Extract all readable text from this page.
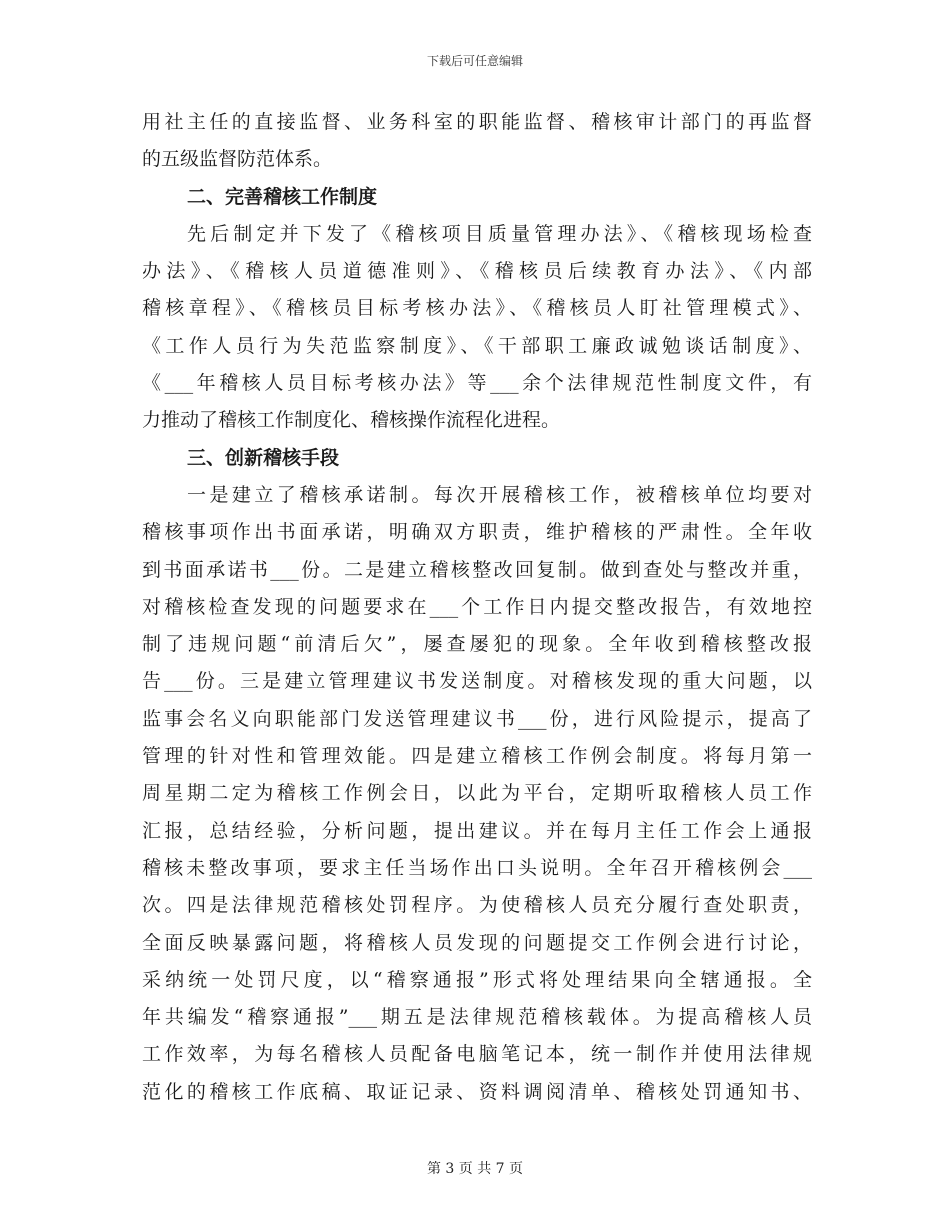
下载后可任意编辑
用社主任的直接监督、业务科室的职能监督、稽核审计部门的再监督
的五级监督防范体系。
二、完善稽核工作制度
先后制定并下发了《稽核项目质量管理办法》、《稽核现场检查
办法》、《稽核人员道德准则》、《稽核员后续教育办法》、《内部
稽核章程》、《稽核员目标考核办法》、《稽核员人盯社管理模式》、
《工作人员行为失范监察制度》、《干部职工廉政诚勉谈话制度》、
《___年稽核人员目标考核办法》等___余个法律规范性制度文件，有
力推动了稽核工作制度化、稽核操作流程化进程。
三、创新稽核手段
一是建立了稽核承诺制。每次开展稽核工作，被稽核单位均要对
稽核事项作出书面承诺，明确双方职责，维护稽核的严肃性。全年收
到书面承诺书___份。二是建立稽核整改回复制。做到查处与整改并重，
对稽核检查发现的问题要求在___个工作日内提交整改报告，有效地控
制了违规问题“前清后欠”，屡查屡犯的现象。全年收到稽核整改报
告___份。三是建立管理建议书发送制度。对稽核发现的重大问题，以
监事会名义向职能部门发送管理建议书___份，进行风险提示，提高了
管理的针对性和管理效能。四是建立稽核工作例会制度。将每月第一
周星期二定为稽核工作例会日，以此为平台，定期听取稽核人员工作
汇报，总结经验，分析问题，提出建议。并在每月主任工作会上通报
稽核未整改事项，要求主任当场作出口头说明。全年召开稽核例会___
次。四是法律规范稽核处罚程序。为使稽核人员充分履行查处职责，
全面反映暴露问题，将稽核人员发现的问题提交工作例会进行讨论，
采纳统一处罚尺度，以“稽察通报”形式将处理结果向全辖通报。全
年共编发“稽察通报”___期五是法律规范稽核载体。为提高稽核人员
工作效率，为每名稽核人员配备电脑笔记本，统一制作并使用法律规
范化的稽核工作底稿、取证记录、资料调阅清单、稽核处罚通知书、
第 3 页 共 7 页
